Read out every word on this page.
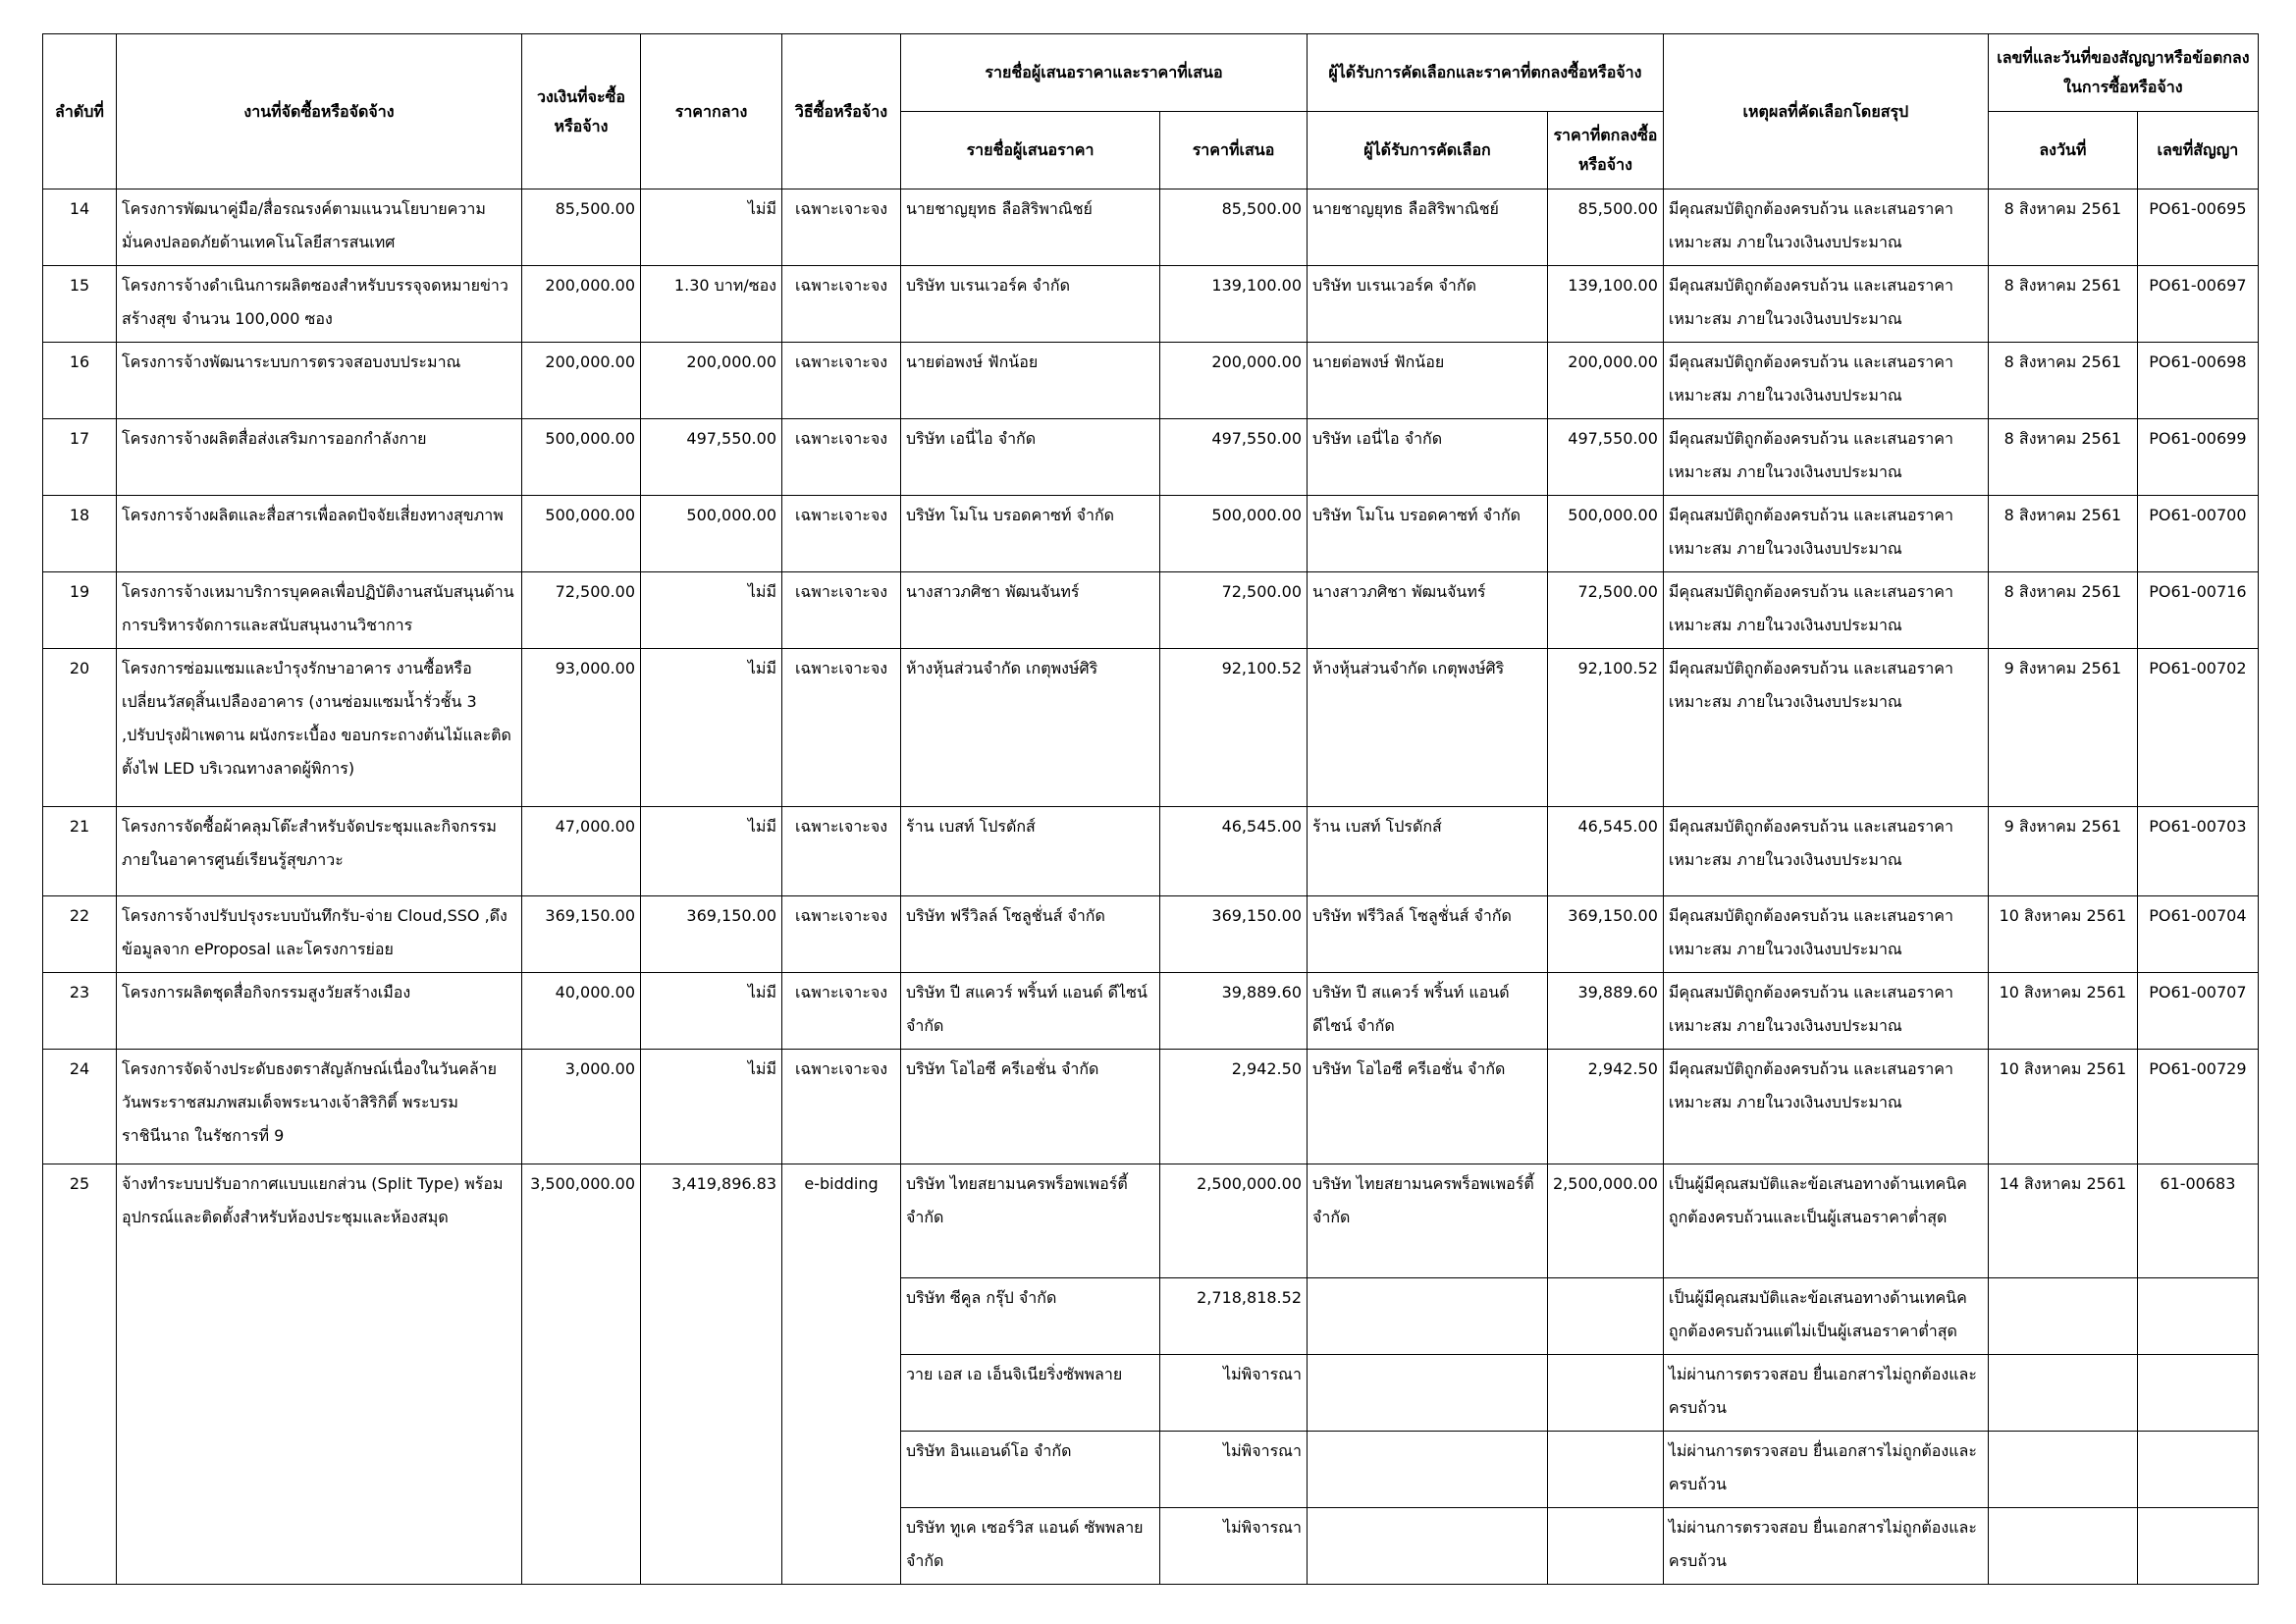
ลำดับที่	งานที่จัดซื้อหรือจัดจ้าง	วงเงินที่จะซื้อหรือจ้าง	ราคากลาง	วิธีซื้อหรือจ้าง	รายชื่อผู้เสนอราคาและราคาที่เสนอ		ผู้ได้รับการคัดเลือกและราคาที่ตกลงซื้อหรือจ้าง		เหตุผลที่คัดเลือกโดยสรุป	เลขที่และวันที่ของสัญญาหรือข้อตกลงในการซื้อหรือจ้าง	
					รายชื่อผู้เสนอราคา	ราคาที่เสนอ	ผู้ได้รับการคัดเลือก	ราคาที่ตกลงซื้อหรือจ้าง		ลงวันที่	เลขที่สัญญา
14	โครงการพัฒนาคู่มือ/สื่อรณรงค์ตามแนวนโยบายความมั่นคงปลอดภัยด้านเทคโนโลยีสารสนเทศ	85,500.00	ไม่มี	เฉพาะเจาะจง	นายชาญยุทธ ลือสิริพาณิชย์	85,500.00	นายชาญยุทธ ลือสิริพาณิชย์	85,500.00	มีคุณสมบัติถูกต้องครบถ้วน และเสนอราคาเหมาะสม ภายในวงเงินงบประมาณ	8 สิงหาคม 2561	PO61-00695
15	โครงการจ้างดำเนินการผลิตซองสำหรับบรรจุจดหมายข่าวสร้างสุข จำนวน 100,000 ซอง	200,000.00	1.30 บาท/ซอง	เฉพาะเจาะจง	บริษัท บเรนเวอร์ค จำกัด	139,100.00	บริษัท บเรนเวอร์ค จำกัด	139,100.00	มีคุณสมบัติถูกต้องครบถ้วน และเสนอราคาเหมาะสม ภายในวงเงินงบประมาณ	8 สิงหาคม 2561	PO61-00697
16	โครงการจ้างพัฒนาระบบการตรวจสอบงบประมาณ	200,000.00	200,000.00	เฉพาะเจาะจง	นายต่อพงษ์ ฟักน้อย	200,000.00	นายต่อพงษ์ ฟักน้อย	200,000.00	มีคุณสมบัติถูกต้องครบถ้วน และเสนอราคาเหมาะสม ภายในวงเงินงบประมาณ	8 สิงหาคม 2561	PO61-00698
17	โครงการจ้างผลิตสื่อส่งเสริมการออกกำลังกาย	500,000.00	497,550.00	เฉพาะเจาะจง	บริษัท เอนี่ไอ จำกัด	497,550.00	บริษัท เอนี่ไอ จำกัด	497,550.00	มีคุณสมบัติถูกต้องครบถ้วน และเสนอราคาเหมาะสม ภายในวงเงินงบประมาณ	8 สิงหาคม 2561	PO61-00699
18	โครงการจ้างผลิตและสื่อสารเพื่อลดปัจจัยเสี่ยงทางสุขภาพ	500,000.00	500,000.00	เฉพาะเจาะจง	บริษัท โมโน บรอดคาซท์ จำกัด	500,000.00	บริษัท โมโน บรอดคาซท์ จำกัด	500,000.00	มีคุณสมบัติถูกต้องครบถ้วน และเสนอราคาเหมาะสม ภายในวงเงินงบประมาณ	8 สิงหาคม 2561	PO61-00700
19	โครงการจ้างเหมาบริการบุคคลเพื่อปฏิบัติงานสนับสนุนด้านการบริหารจัดการและสนับสนุนงานวิชาการ	72,500.00	ไม่มี	เฉพาะเจาะจง	นางสาวภศิชา พัฒนจันทร์	72,500.00	นางสาวภศิชา พัฒนจันทร์	72,500.00	มีคุณสมบัติถูกต้องครบถ้วน และเสนอราคาเหมาะสม ภายในวงเงินงบประมาณ	8 สิงหาคม 2561	PO61-00716
20	โครงการซ่อมแซมและบำรุงรักษาอาคาร งานซื้อหรือเปลี่ยนวัสดุสิ้นเปลืองอาคาร (งานซ่อมแซมน้ำรั่วชั้น 3 ,ปรับปรุงฝ้าเพดาน ผนังกระเบื้อง ขอบกระถางต้นไม้และติดตั้งไฟ LED บริเวณทางลาดผู้พิการ)	93,000.00	ไม่มี	เฉพาะเจาะจง	ห้างหุ้นส่วนจำกัด เกตุพงษ์ศิริ	92,100.52	ห้างหุ้นส่วนจำกัด เกตุพงษ์ศิริ	92,100.52	มีคุณสมบัติถูกต้องครบถ้วน และเสนอราคาเหมาะสม ภายในวงเงินงบประมาณ	9 สิงหาคม 2561	PO61-00702
21	โครงการจัดซื้อผ้าคลุมโต๊ะสำหรับจัดประชุมและกิจกรรมภายในอาคารศูนย์เรียนรู้สุขภาวะ	47,000.00	ไม่มี	เฉพาะเจาะจง	ร้าน เบสท์ โปรดักส์	46,545.00	ร้าน เบสท์ โปรดักส์	46,545.00	มีคุณสมบัติถูกต้องครบถ้วน และเสนอราคาเหมาะสม ภายในวงเงินงบประมาณ	9 สิงหาคม 2561	PO61-00703
22	โครงการจ้างปรับปรุงระบบบันทึกรับ-จ่าย Cloud,SSO ,ดึงข้อมูลจาก eProposal และโครงการย่อย	369,150.00	369,150.00	เฉพาะเจาะจง	บริษัท ฟรีวิลล์ โซลูชั่นส์ จำกัด	369,150.00	บริษัท ฟรีวิลล์ โซลูชั่นส์ จำกัด	369,150.00	มีคุณสมบัติถูกต้องครบถ้วน และเสนอราคาเหมาะสม ภายในวงเงินงบประมาณ	10 สิงหาคม 2561	PO61-00704
23	โครงการผลิตชุดสื่อกิจกรรมสูงวัยสร้างเมือง	40,000.00	ไม่มี	เฉพาะเจาะจง	บริษัท ปี สแควร์ พริ้นท์ แอนด์ ดีไซน์ จำกัด	39,889.60	บริษัท ปี สแควร์ พริ้นท์ แอนด์ ดีไซน์ จำกัด	39,889.60	มีคุณสมบัติถูกต้องครบถ้วน และเสนอราคาเหมาะสม ภายในวงเงินงบประมาณ	10 สิงหาคม 2561	PO61-00707
24	โครงการจัดจ้างประดับธงตราสัญลักษณ์เนื่องในวันคล้ายวันพระราชสมภพสมเด็จพระนางเจ้าสิริกิติ์ พระบรมราชินีนาถ ในรัชการที่ 9	3,000.00	ไม่มี	เฉพาะเจาะจง	บริษัท โอไอซี ครีเอชั่น จำกัด	2,942.50	บริษัท โอไอซี ครีเอชั่น จำกัด	2,942.50	มีคุณสมบัติถูกต้องครบถ้วน และเสนอราคาเหมาะสม ภายในวงเงินงบประมาณ	10 สิงหาคม 2561	PO61-00729
25	จ้างทำระบบปรับอากาศแบบแยกส่วน (Split Type) พร้อมอุปกรณ์และติดตั้งสำหรับห้องประชุมและห้องสมุด	3,500,000.00	3,419,896.83	e-bidding	บริษัท ไทยสยามนครพร็อพเพอร์ตี้ จำกัด	2,500,000.00	บริษัท ไทยสยามนครพร็อพเพอร์ตี้ จำกัด	2,500,000.00	เป็นผู้มีคุณสมบัติและข้อเสนอทางด้านเทคนิคถูกต้องครบถ้วนและเป็นผู้เสนอราคาต่ำสุด	14 สิงหาคม 2561	61-00683
					บริษัท ซีคูล กรุ๊ป จำกัด	2,718,818.52			เป็นผู้มีคุณสมบัติและข้อเสนอทางด้านเทคนิคถูกต้องครบถ้วนแต่ไม่เป็นผู้เสนอราคาต่ำสุด		
					วาย เอส เอ เอ็นจิเนียริ่งซัพพลาย	ไม่พิจารณา			ไม่ผ่านการตรวจสอบ ยื่นเอกสารไม่ถูกต้องและครบถ้วน		
					บริษัท อินแอนด์โอ จำกัด	ไม่พิจารณา			ไม่ผ่านการตรวจสอบ ยื่นเอกสารไม่ถูกต้องและครบถ้วน		
					บริษัท ทูเค เซอร์วิส แอนด์ ซัพพลาย จำกัด	ไม่พิจารณา			ไม่ผ่านการตรวจสอบ ยื่นเอกสารไม่ถูกต้องและครบถ้วน		
